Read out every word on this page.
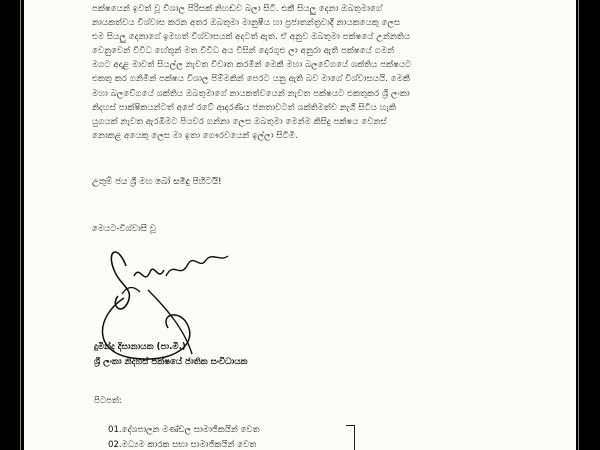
පක්ෂයෙන් ඉවත් වූ විශාල පිරිසක් නිහඬව බලා සිටී. එකී සියලු දෙනා ඔබතුමාගේ
නායකත්වය විශ්වාස කරන අතර ඔබතුමා මානුෂීය හා ප්‍රජාතන්ත්‍රවාදී නායකයෙකු ලෙස
එම සියලු දෙනාගේ ඉමහත් විශ්වාසයක් අදටත් ඇත. ඒ අනුව ඔබතුමා පක්ෂයේ උන්නතිය
වෙනුවෙන් විවිධ හේතූන් මත විවිධ අය විසින් දොරගුළු ලා අනුරා ඇති පක්ෂයේ ගමන්
මගට අදාළ මාවත් සියල්ල නැවත විවෘත කරමින් මෙකී මහා බලවේගයේ ශක්තිය පක්ෂයට
එකතු කර ගනිමින් පක්ෂය විශාල පිම්මකින් පෙරට යනු ඇති බව මාගේ විශ්වාසයයි. මෙකී
මහා බලවේගයේ ශක්තිය ඔබතුමාගේ නායකත්වයෙන් නැවත පක්ෂයට එකතුකර ශ්‍රී ලංකා
නිදහස් පාක්ෂිකයන්ටත් අපේ රටේ ආදරණීය ජනතාවටත් ශක්තිමත්ව නැගී සිටිය හැකි
යුගයක් නැවත ඇරඹීමට පියවර ගන්නා ලෙස ඔබතුමා මෙන්ම කිසිදු පක්ෂය වෙනස්
නොකළ අයෙකු ලෙස මා ඉතා ගෞරවයෙන් ඉල්ලා සිටිමි.
උතුම් ජය ශ්‍රී මහ බෝ සමිදු පිහිටයි!
මෙයට-විශ්වාසී වූ
දුමින්ද දිසානායක (පා.මි.)
ශ්‍රී ලංකා නිදහස් පක්ෂයේ ජාතික සංවිධායක
පිටපත්:
01.දේශපාලන මණ්ඩල සාමාජිකයින් වෙත
02.මධ්‍යම කාරක සභා සාමාජිකයින් වෙත
